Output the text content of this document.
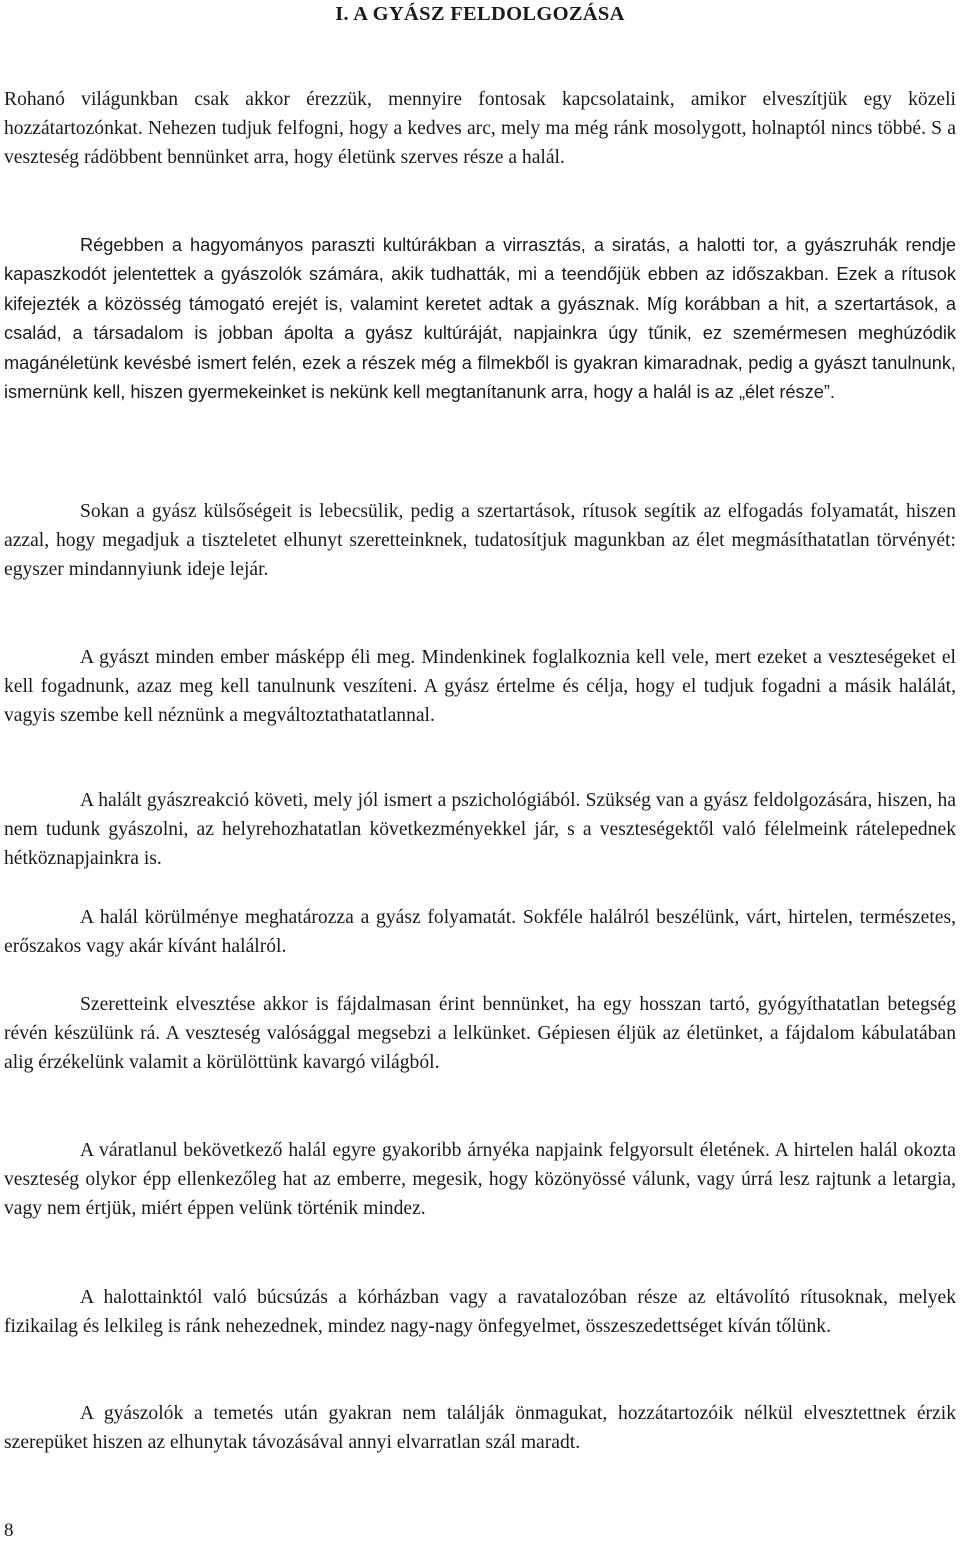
I. A GYÁSZ FELDOLGOZÁSA

Rohanó világunkban csak akkor érezzük, mennyire fontosak kapcsolataink, amikor elveszítjük egy közeli hozzátartozónkat. Nehezen tudjuk felfogni, hogy a kedves arc, mely ma még ránk mosolygott, holnaptól nincs többé. S a veszteség rádöbbent bennünket arra, hogy életünk szerves része a halál.

Régebben a hagyományos paraszti kultúrákban a virrasztás, a siratás, a halotti tor, a gyászruhák rendje kapaszkodót jelentettek a gyászolók számára, akik tudhatták, mi a teendőjük ebben az időszakban. Ezek a rítusok kifejezték a közösség támogató erejét is, valamint keretet adtak a gyásznak. Míg korábban a hit, a szertartások, a család, a társadalom is jobban ápolta a gyász kultúráját, napjainkra úgy tűnik, ez szemérmesen meghúzódik magánéletünk kevésbé ismert felén, ezek a részek még a filmekből is gyakran kimaradnak, pedig a gyászt tanulnunk, ismernünk kell, hiszen gyermekeinket is nekünk kell megtanítanunk arra, hogy a halál is az „élet része”.

Sokan a gyász külsőségeit is lebecsülik, pedig a szertartások, rítusok segítik az elfogadás folyamatát, hiszen azzal, hogy megadjuk a tiszteletet elhunyt szeretteinknek, tudatosítjuk magunkban az élet megmásíthatatlan törvényét: egyszer mindannyiunk ideje lejár.

A gyászt minden ember másképp éli meg. Mindenkinek foglalkoznia kell vele, mert ezeket a veszteségeket el kell fogadnunk, azaz meg kell tanulnunk veszíteni. A gyász értelme és célja, hogy el tudjuk fogadni a másik halálát, vagyis szembe kell néznünk a megváltoztathatatlannal.

A halált gyászreakció követi, mely jól ismert a pszichológiából. Szükség van a gyász feldolgozására, hiszen, ha nem tudunk gyászolni, az helyrehozhatatlan következményekkel jár, s a veszteségektől való félelmeink rátelepednek hétköznapjainkra is.

A halál körülménye meghatározza a gyász folyamatát. Sokféle halálról beszélünk, várt, hirtelen, természetes, erőszakos vagy akár kívánt halálról.

Szeretteink elvesztése akkor is fájdalmasan érint bennünket, ha egy hosszan tartó, gyógyíthatatlan betegség révén készülünk rá. A veszteség valósággal megsebzi a lelkünket. Gépiesen éljük az életünket, a fájdalom kábulatában alig érzékelünk valamit a körülöttünk kavargó világból.

A váratlanul bekövetkező halál egyre gyakoribb árnyéka napjaink felgyorsult életének. A hirtelen halál okozta veszteség olykor épp ellenkezőleg hat az emberre, megesik, hogy közönyössé válunk, vagy úrrá lesz rajtunk a letargia, vagy nem értjük, miért éppen velünk történik mindez.

A halottainktól való búcsúzás a kórházban vagy a ravatalozóban része az eltávolító rítusoknak, melyek fizikailag és lelkileg is ránk nehezednek, mindez nagy-nagy önfegyelmet, összeszedettséget kíván tőlünk.

A gyászolók a temetés után gyakran nem találják önmagukat, hozzátartozóik nélkül elvesztettnek érzik szerepüket hiszen az elhunytak távozásával annyi elvarratlan szál maradt.

8
